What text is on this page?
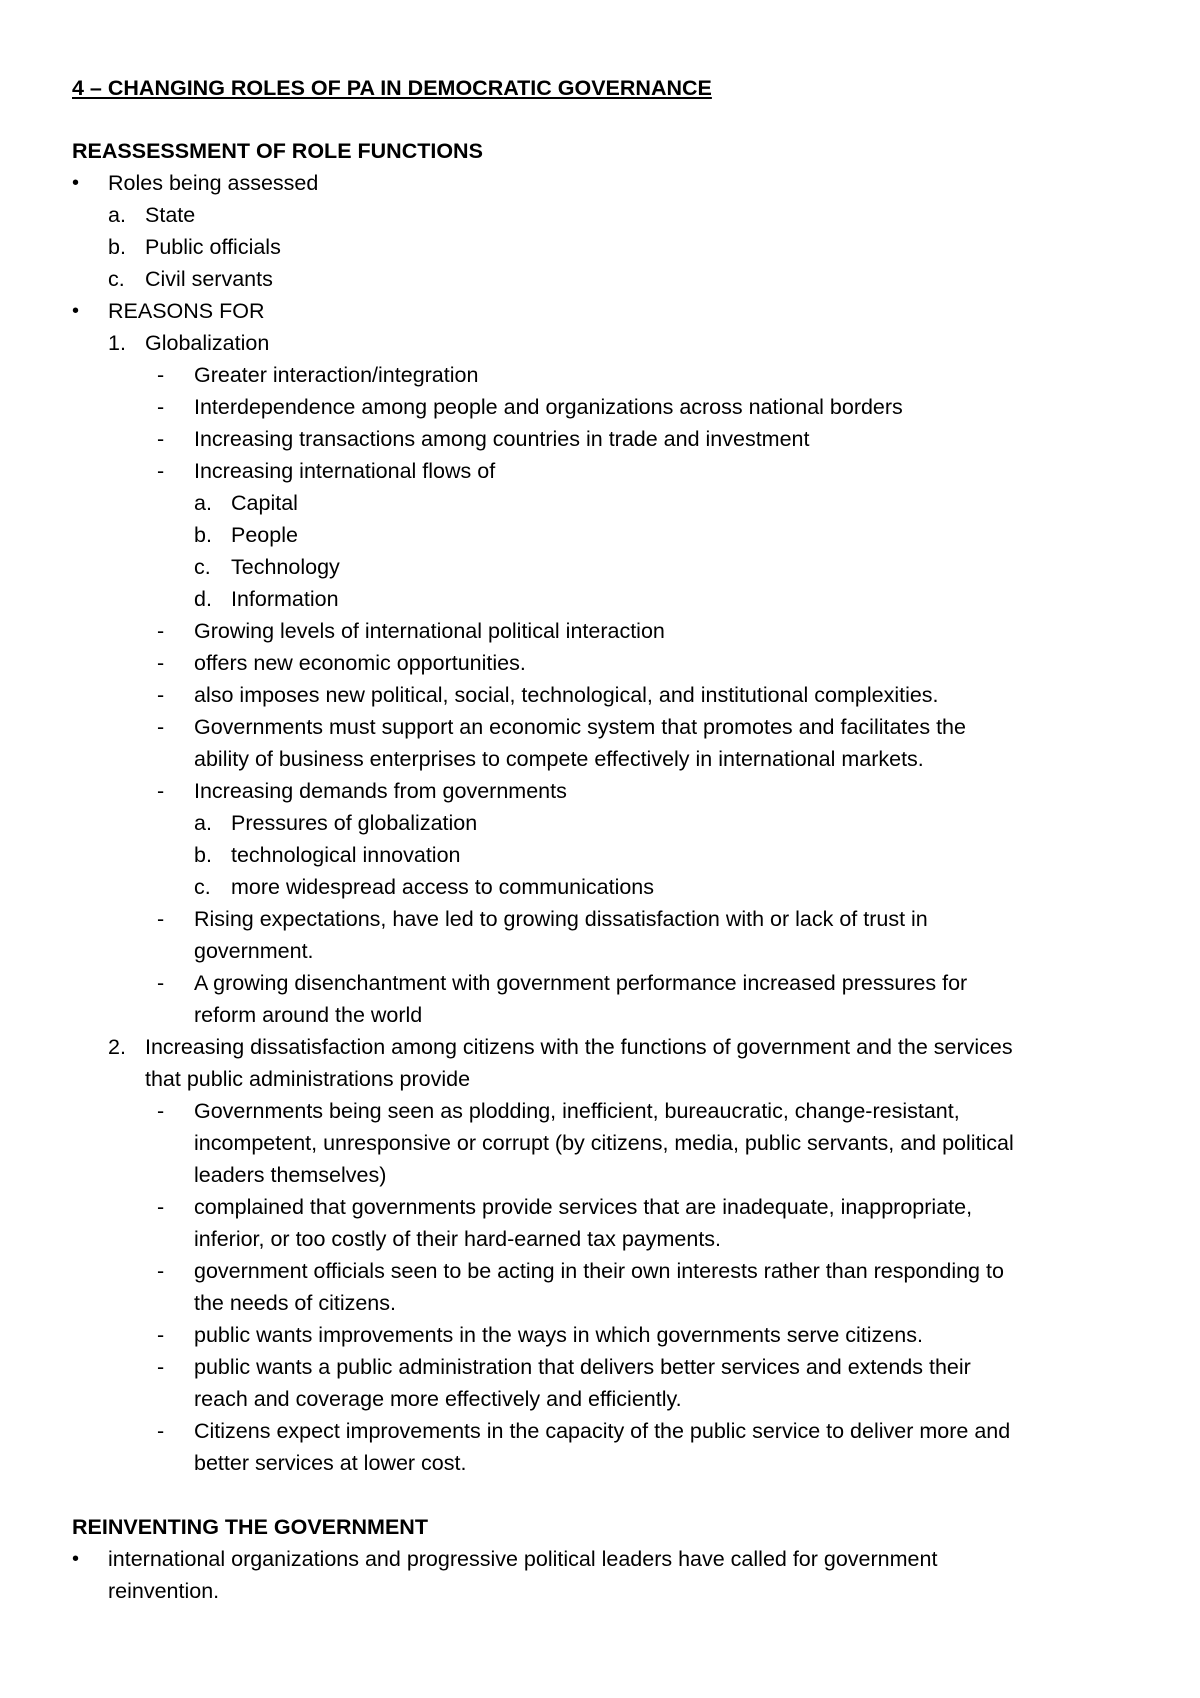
4 – CHANGING ROLES OF PA IN DEMOCRATIC GOVERNANCE
REASSESSMENT OF ROLE FUNCTIONS
• Roles being assessed
a. State
b. Public officials
c. Civil servants
• REASONS FOR
1. Globalization
- Greater interaction/integration
- Interdependence among people and organizations across national borders
- Increasing transactions among countries in trade and investment
- Increasing international flows of
a. Capital
b. People
c. Technology
d. Information
- Growing levels of international political interaction
- offers new economic opportunities.
- also imposes new political, social, technological, and institutional complexities.
- Governments must support an economic system that promotes and facilitates the
ability of business enterprises to compete effectively in international markets.
- Increasing demands from governments
a. Pressures of globalization
b. technological innovation
c. more widespread access to communications
- Rising expectations, have led to growing dissatisfaction with or lack of trust in
government.
- A growing disenchantment with government performance increased pressures for
reform around the world
2. Increasing dissatisfaction among citizens with the functions of government and the services
that public administrations provide
- Governments being seen as plodding, inefficient, bureaucratic, change-resistant,
incompetent, unresponsive or corrupt (by citizens, media, public servants, and political
leaders themselves)
- complained that governments provide services that are inadequate, inappropriate,
inferior, or too costly of their hard-earned tax payments.
- government officials seen to be acting in their own interests rather than responding to
the needs of citizens.
- public wants improvements in the ways in which governments serve citizens.
- public wants a public administration that delivers better services and extends their
reach and coverage more effectively and efficiently.
- Citizens expect improvements in the capacity of the public service to deliver more and
better services at lower cost.
REINVENTING THE GOVERNMENT
• international organizations and progressive political leaders have called for government
reinvention.
